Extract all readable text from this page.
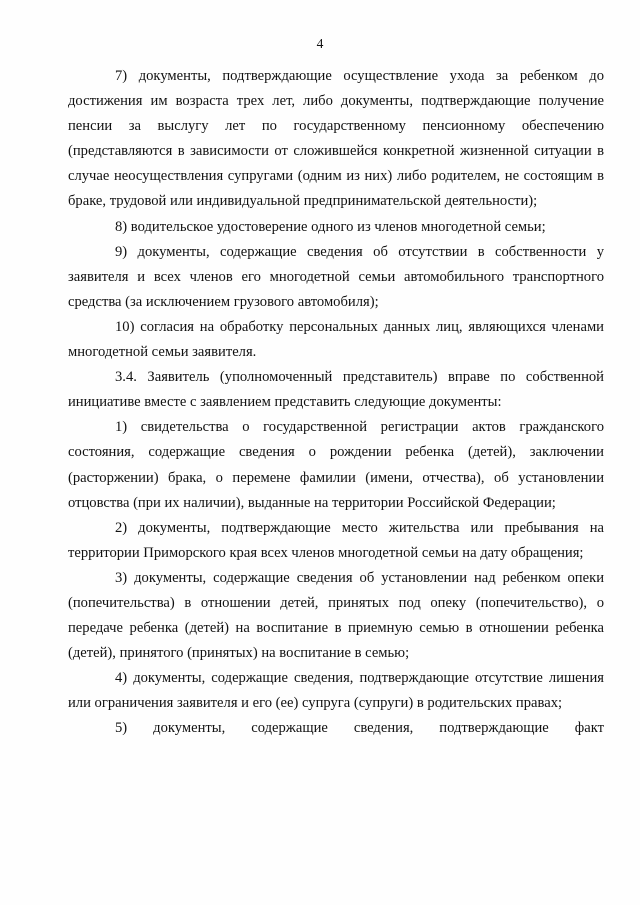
4

7) документы, подтверждающие осуществление ухода за ребенком до достижения им возраста трех лет, либо документы, подтверждающие получение пенсии за выслугу лет по государственному пенсионному обеспечению (представляются в зависимости от сложившейся конкретной жизненной ситуации в случае неосуществления супругами (одним из них) либо родителем, не состоящим в браке, трудовой или индивидуальной предпринимательской деятельности);

8) водительское удостоверение одного из членов многодетной семьи;

9) документы, содержащие сведения об отсутствии в собственности у заявителя и всех членов его многодетной семьи автомобильного транспортного средства (за исключением грузового автомобиля);

10) согласия на обработку персональных данных лиц, являющихся членами многодетной семьи заявителя.

3.4. Заявитель (уполномоченный представитель) вправе по собственной инициативе вместе с заявлением представить следующие документы:

1) свидетельства о государственной регистрации актов гражданского состояния, содержащие сведения о рождении ребенка (детей), заключении (расторжении) брака, о перемене фамилии (имени, отчества), об установлении отцовства (при их наличии), выданные на территории Российской Федерации;

2) документы, подтверждающие место жительства или пребывания на территории Приморского края всех членов многодетной семьи на дату обращения;

3) документы, содержащие сведения об установлении над ребенком опеки (попечительства) в отношении детей, принятых под опеку (попечительство), о передаче ребенка (детей) на воспитание в приемную семью в отношении ребенка (детей), принятого (принятых) на воспитание в семью;

4) документы, содержащие сведения, подтверждающие отсутствие лишения или ограничения заявителя и его (ее) супруга (супруги) в родительских правах;

5) документы, содержащие сведения, подтверждающие факт
